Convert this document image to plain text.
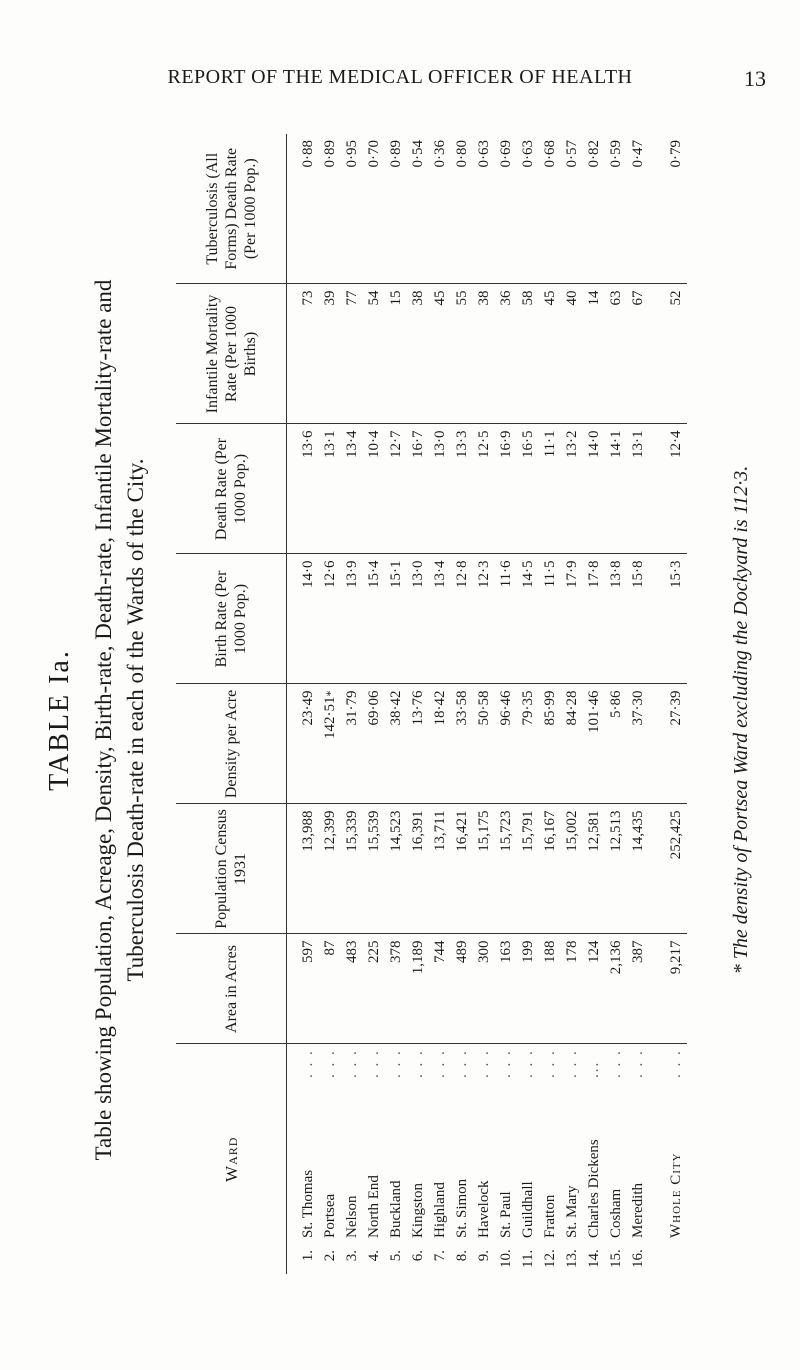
REPORT OF THE MEDICAL OFFICER OF HEALTH	13
TABLE Ia. Table showing Population, Acreage, Density, Birth-rate, Death-rate, Infantile Mortality-rate and Tuberculosis Death-rate in each of the Wards of the City.
Ward			Area in Acres	Population Census 1931	Density per Acre	Birth Rate (Per 1000 Pop.)	Death Rate (Per 1000 Pop.)	Infantile Mortality Rate (Per 1000 Births)	Tuberculosis (All Forms) Death Rate (Per 1000 Pop.)
1.	St. Thomas	. . .	597	13,988	23·49	14·0	13·6	73	0·88
2.	Portsea	. . .	87	12,399	142·51*	12·6	13·1	39	0·89
3.	Nelson	. . .	483	15,339	31·79	13·9	13·4	77	0·95
4.	North End	. . .	225	15,539	69·06	15·4	10·4	54	0·70
5.	Buckland	. . .	378	14,523	38·42	15·1	12·7	15	0·89
6.	Kingston	. . .	1,189	16,391	13·76	13·0	16·7	38	0·54
7.	Highland	. . .	744	13,711	18·42	13·4	13·0	45	0·36
8.	St. Simon	. . .	489	16,421	33·58	12·8	13·3	55	0·80
9.	Havelock	. . .	300	15,175	50·58	12·3	12·5	38	0·63
10.	St. Paul	. . .	163	15,723	96·46	11·6	16·9	36	0·69
11.	Guildhall	. . .	199	15,791	79·35	14·5	16·5	58	0·63
12.	Fratton	. . .	188	16,167	85·99	11·5	11·1	45	0·68
13.	St. Mary	. . .	178	15,002	84·28	17·9	13·2	40	0·57
14.	Charles Dickens	...	124	12,581	101·46	17·8	14·0	14	0·82
15.	Cosham	. . .	2,136	12,513	5·86	13·8	14·1	63	0·59
16.	Meredith	. . .	387	14,435	37·30	15·8	13·1	67	0·47
	Whole City	. . .	9,217	252,425	27·39	15·3	12·4	52	0·79
* The density of Portsea Ward excluding the Dockyard is 112·3.
